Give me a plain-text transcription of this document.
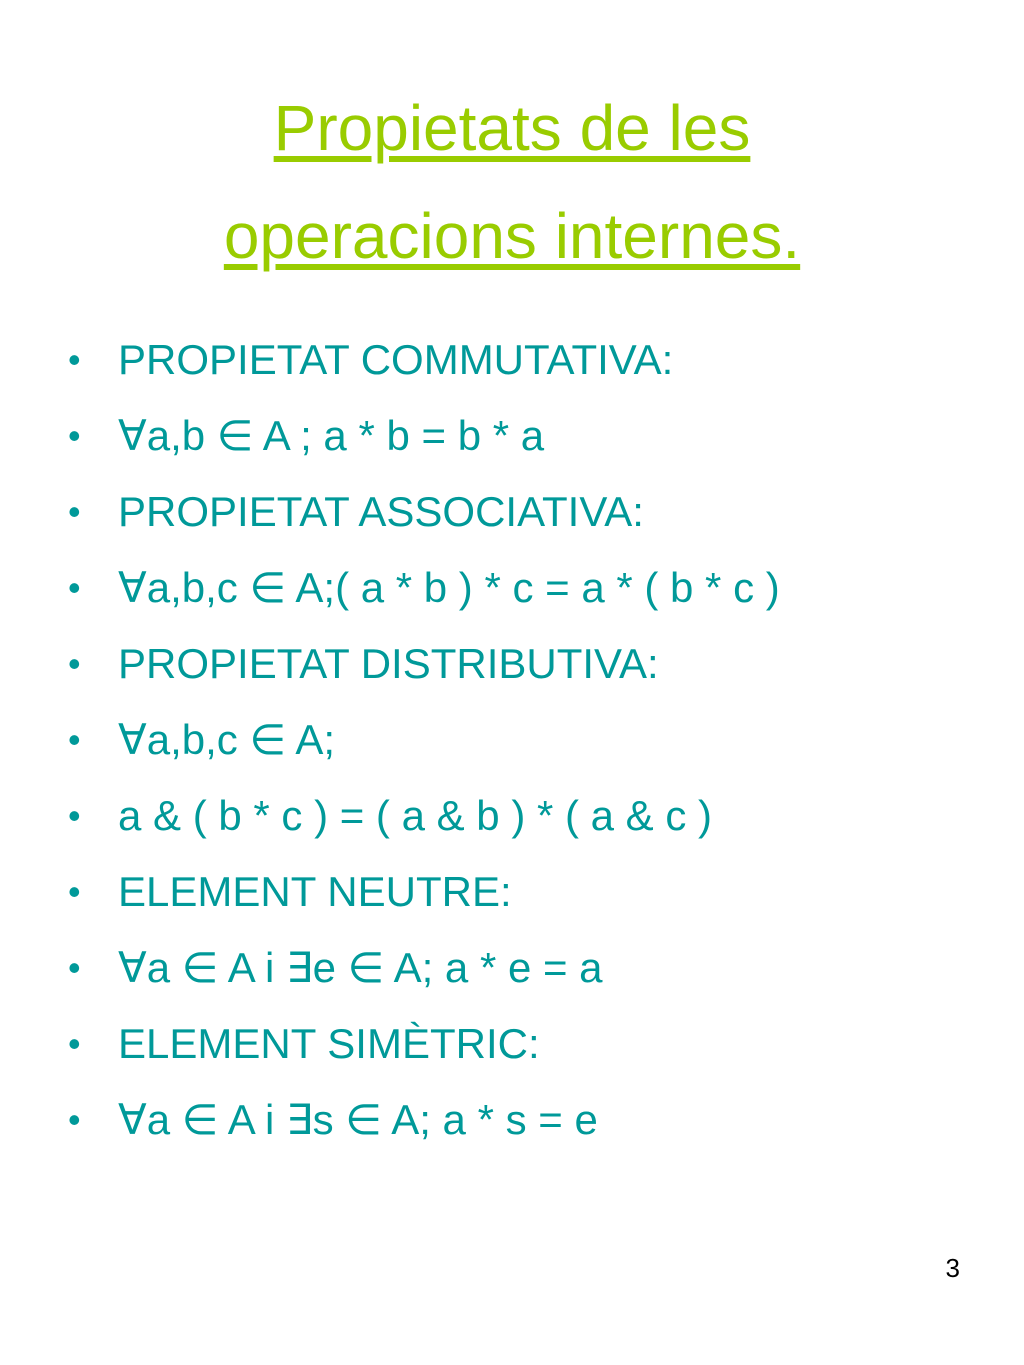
Propietats de les
operacions internes.
• PROPIETAT COMMUTATIVA:
• ∀a,b ∈ A ; a * b = b * a
• PROPIETAT ASSOCIATIVA:
• ∀a,b,c ∈ A;( a * b ) * c = a * ( b * c )
• PROPIETAT DISTRIBUTIVA:
• ∀a,b,c ∈ A;
• a & ( b * c ) = ( a & b ) * ( a & c )
• ELEMENT NEUTRE:
• ∀a ∈ A i ∃e ∈ A; a * e = a
• ELEMENT SIMÈTRIC:
• ∀a ∈ A i ∃s ∈ A; a * s = e
3
